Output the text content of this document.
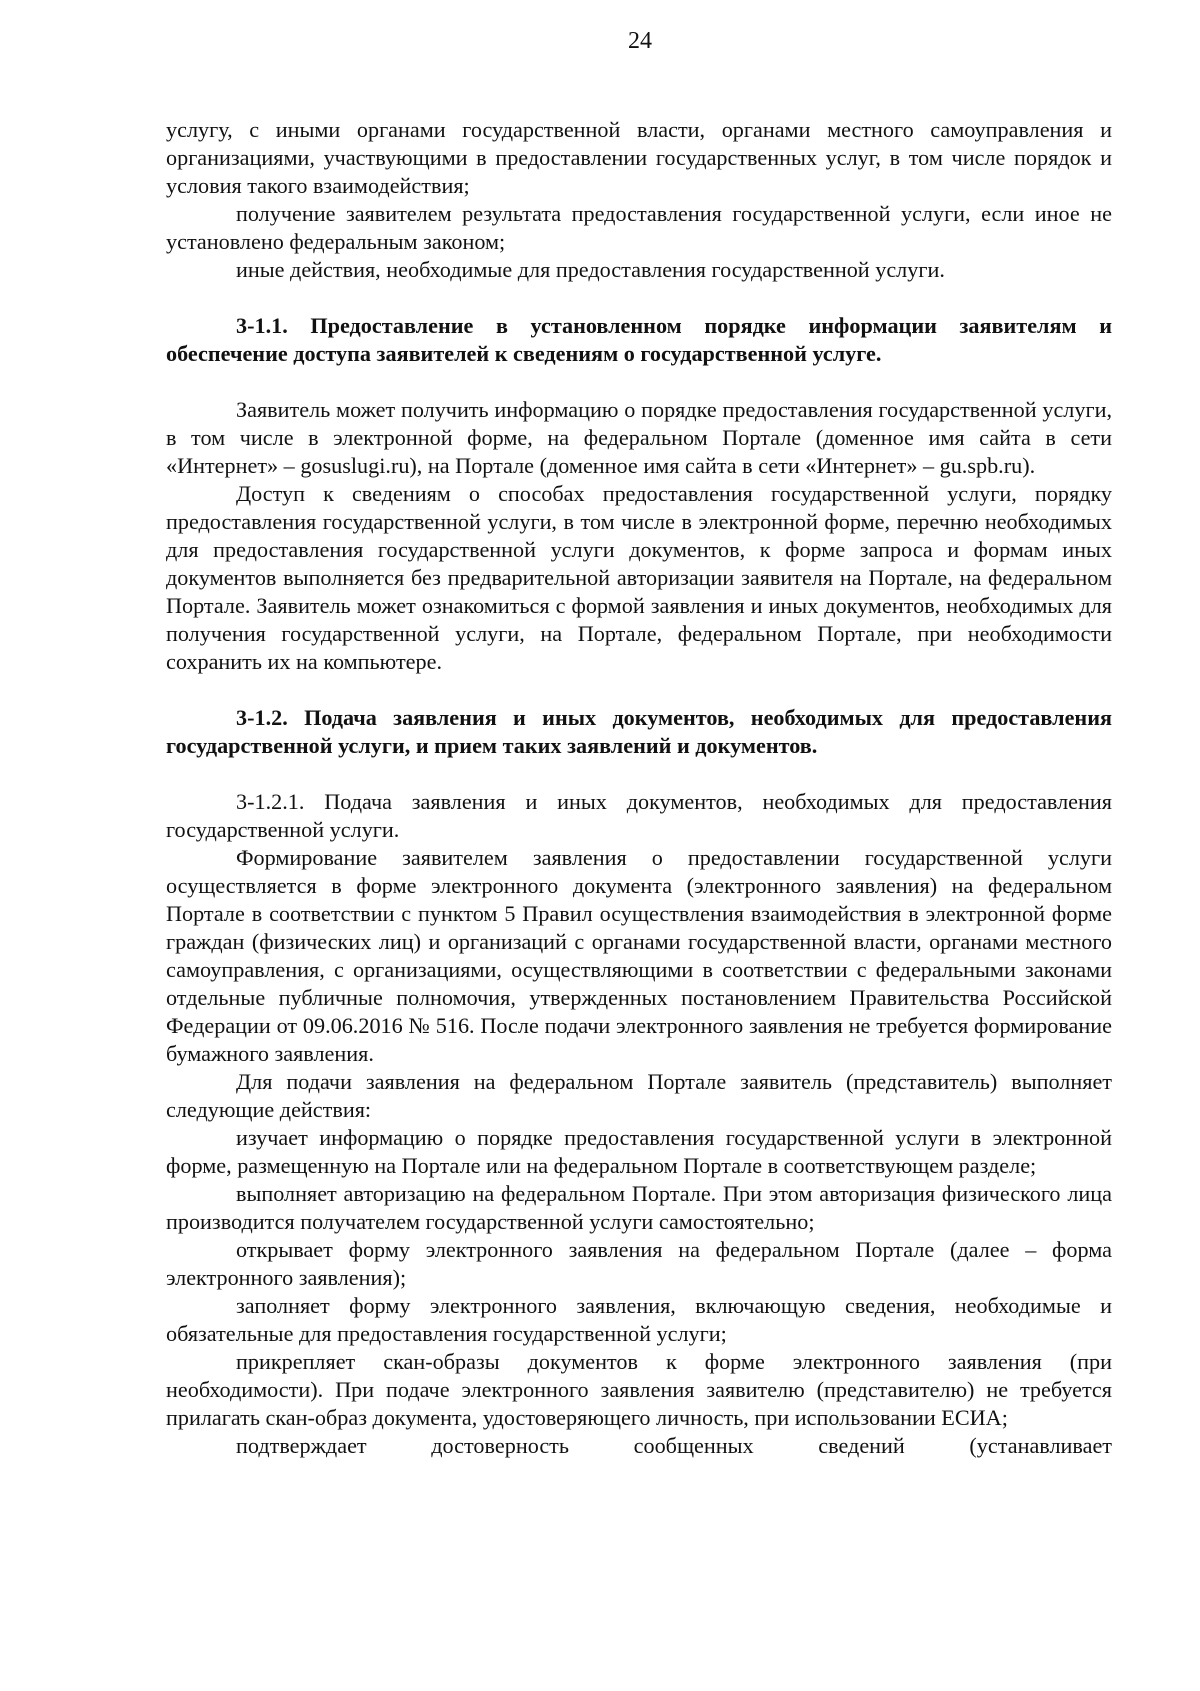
24

услугу, с иными органами государственной власти, органами местного самоуправления и организациями, участвующими в предоставлении государственных услуг, в том числе порядок и условия такого взаимодействия;

получение заявителем результата предоставления государственной услуги, если иное не установлено федеральным законом;

иные действия, необходимые для предоставления государственной услуги.

3-1.1. Предоставление в установленном порядке информации заявителям и обеспечение доступа заявителей к сведениям о государственной услуге.

Заявитель может получить информацию о порядке предоставления государственной услуги, в том числе в электронной форме, на федеральном Портале (доменное имя сайта в сети «Интернет» – gosuslugi.ru), на Портале (доменное имя сайта в сети «Интернет» – gu.spb.ru).

Доступ к сведениям о способах предоставления государственной услуги, порядку предоставления государственной услуги, в том числе в электронной форме, перечню необходимых для предоставления государственной услуги документов, к форме запроса и формам иных документов выполняется без предварительной авторизации заявителя на Портале, на федеральном Портале. Заявитель может ознакомиться с формой заявления и иных документов, необходимых для получения государственной услуги, на Портале, федеральном Портале, при необходимости сохранить их на компьютере.

3-1.2. Подача заявления и иных документов, необходимых для предоставления государственной услуги, и прием таких заявлений и документов.

3-1.2.1. Подача заявления и иных документов, необходимых для предоставления государственной услуги.

Формирование заявителем заявления о предоставлении государственной услуги осуществляется в форме электронного документа (электронного заявления) на федеральном Портале в соответствии с пунктом 5 Правил осуществления взаимодействия в электронной форме граждан (физических лиц) и организаций с органами государственной власти, органами местного самоуправления, с организациями, осуществляющими в соответствии с федеральными законами отдельные публичные полномочия, утвержденных постановлением Правительства Российской Федерации от 09.06.2016 № 516. После подачи электронного заявления не требуется формирование бумажного заявления.

Для подачи заявления на федеральном Портале заявитель (представитель) выполняет следующие действия:

изучает информацию о порядке предоставления государственной услуги в электронной форме, размещенную на Портале или на федеральном Портале в соответствующем разделе;

выполняет авторизацию на федеральном Портале. При этом авторизация физического лица производится получателем государственной услуги самостоятельно;

открывает форму электронного заявления на федеральном Портале (далее – форма электронного заявления);

заполняет форму электронного заявления, включающую сведения, необходимые и обязательные для предоставления государственной услуги;

прикрепляет скан-образы документов к форме электронного заявления (при необходимости). При подаче электронного заявления заявителю (представителю) не требуется прилагать скан-образ документа, удостоверяющего личность, при использовании ЕСИА;

подтверждает достоверность сообщенных сведений (устанавливает
